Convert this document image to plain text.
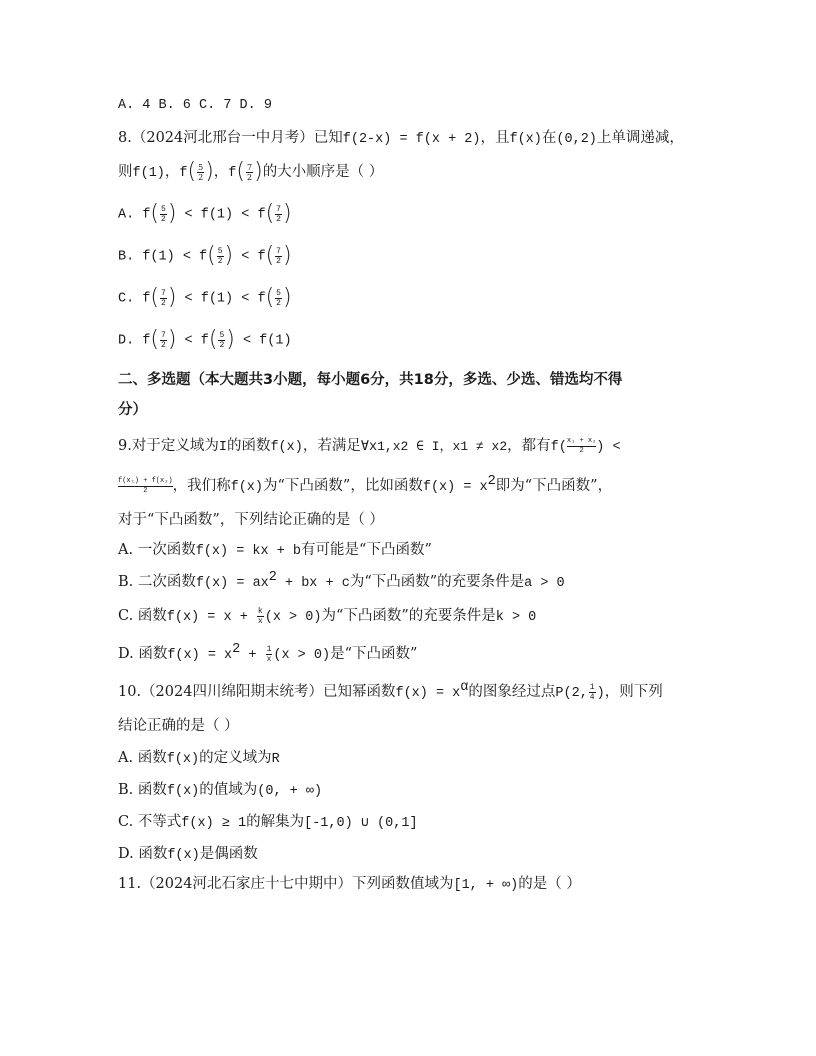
A. 4 B. 6 C. 7 D. 9
8.（2024河北邢台一中月考）已知f(2-x) = f(x + 2)，且f(x)在(0,2)上单调递减，
则f(1)，$f( \frac{5}{2}$ )，$f( \frac{7}{2}$ )的大小顺序是（ ）
A. $f( \frac{5}{2}$ ) < $f(1) < f( \frac{7}{2}$ )
B. $f(1) < f( \frac{5}{2}$ ) < $f( \frac{7}{2}$ )
C. $f( \frac{7}{2}$ ) < $f(1) < f( \frac{5}{2}$ )
D. $f( \frac{7}{2}$ ) < $f( \frac{5}{2}$ ) < f(1)
二、多选题（本大题共3小题，每小题6分，共18分，多选、少选、错选均不得
分）
9.对于定义域为I的函数f(x)，若满足∀x1,x2 ∈ I，x1 ≠ x2，都有$f( \frac{\text{x₁ + x₂}}{2}$ ) <
$\frac{\text{f(x₁) + f(x₂)}}{2}$ ，我们称f(x)为“下凸函数”，比如函数$f(x) = x^2$即为“下凸函数”，
对于“下凸函数”，下列结论正确的是（ ）
A. 一次函数f(x) = kx + b有可能是“下凸函数”
B. 二次函数$f(x) = ax^2$ + bx + c为“下凸函数”的充要条件是a > 0
C. 函数$f(x) = x + \frac{k}{x} (x > 0)$为“下凸函数”的充要条件是k > 0
D. 函数$f(x) = x^2 + \frac{1}{x} (x > 0)$是“下凸函数”
10.（2024四川绵阳期末统考）已知幂函数$f(x) = x^\alpha$的图象经过点P(2, $\frac{1}{4}$ )，则下列
结论正确的是（ ）
A. 函数f(x)的定义域为R
B. 函数f(x)的值域为(0, + ∞)
C. 不等式f(x) ≥ 1的解集为[-1,0) ∪ (0,1]
D. 函数f(x)是偶函数
11.（2024河北石家庄十七中期中）下列函数值域为[1, + ∞)的是（ ）
